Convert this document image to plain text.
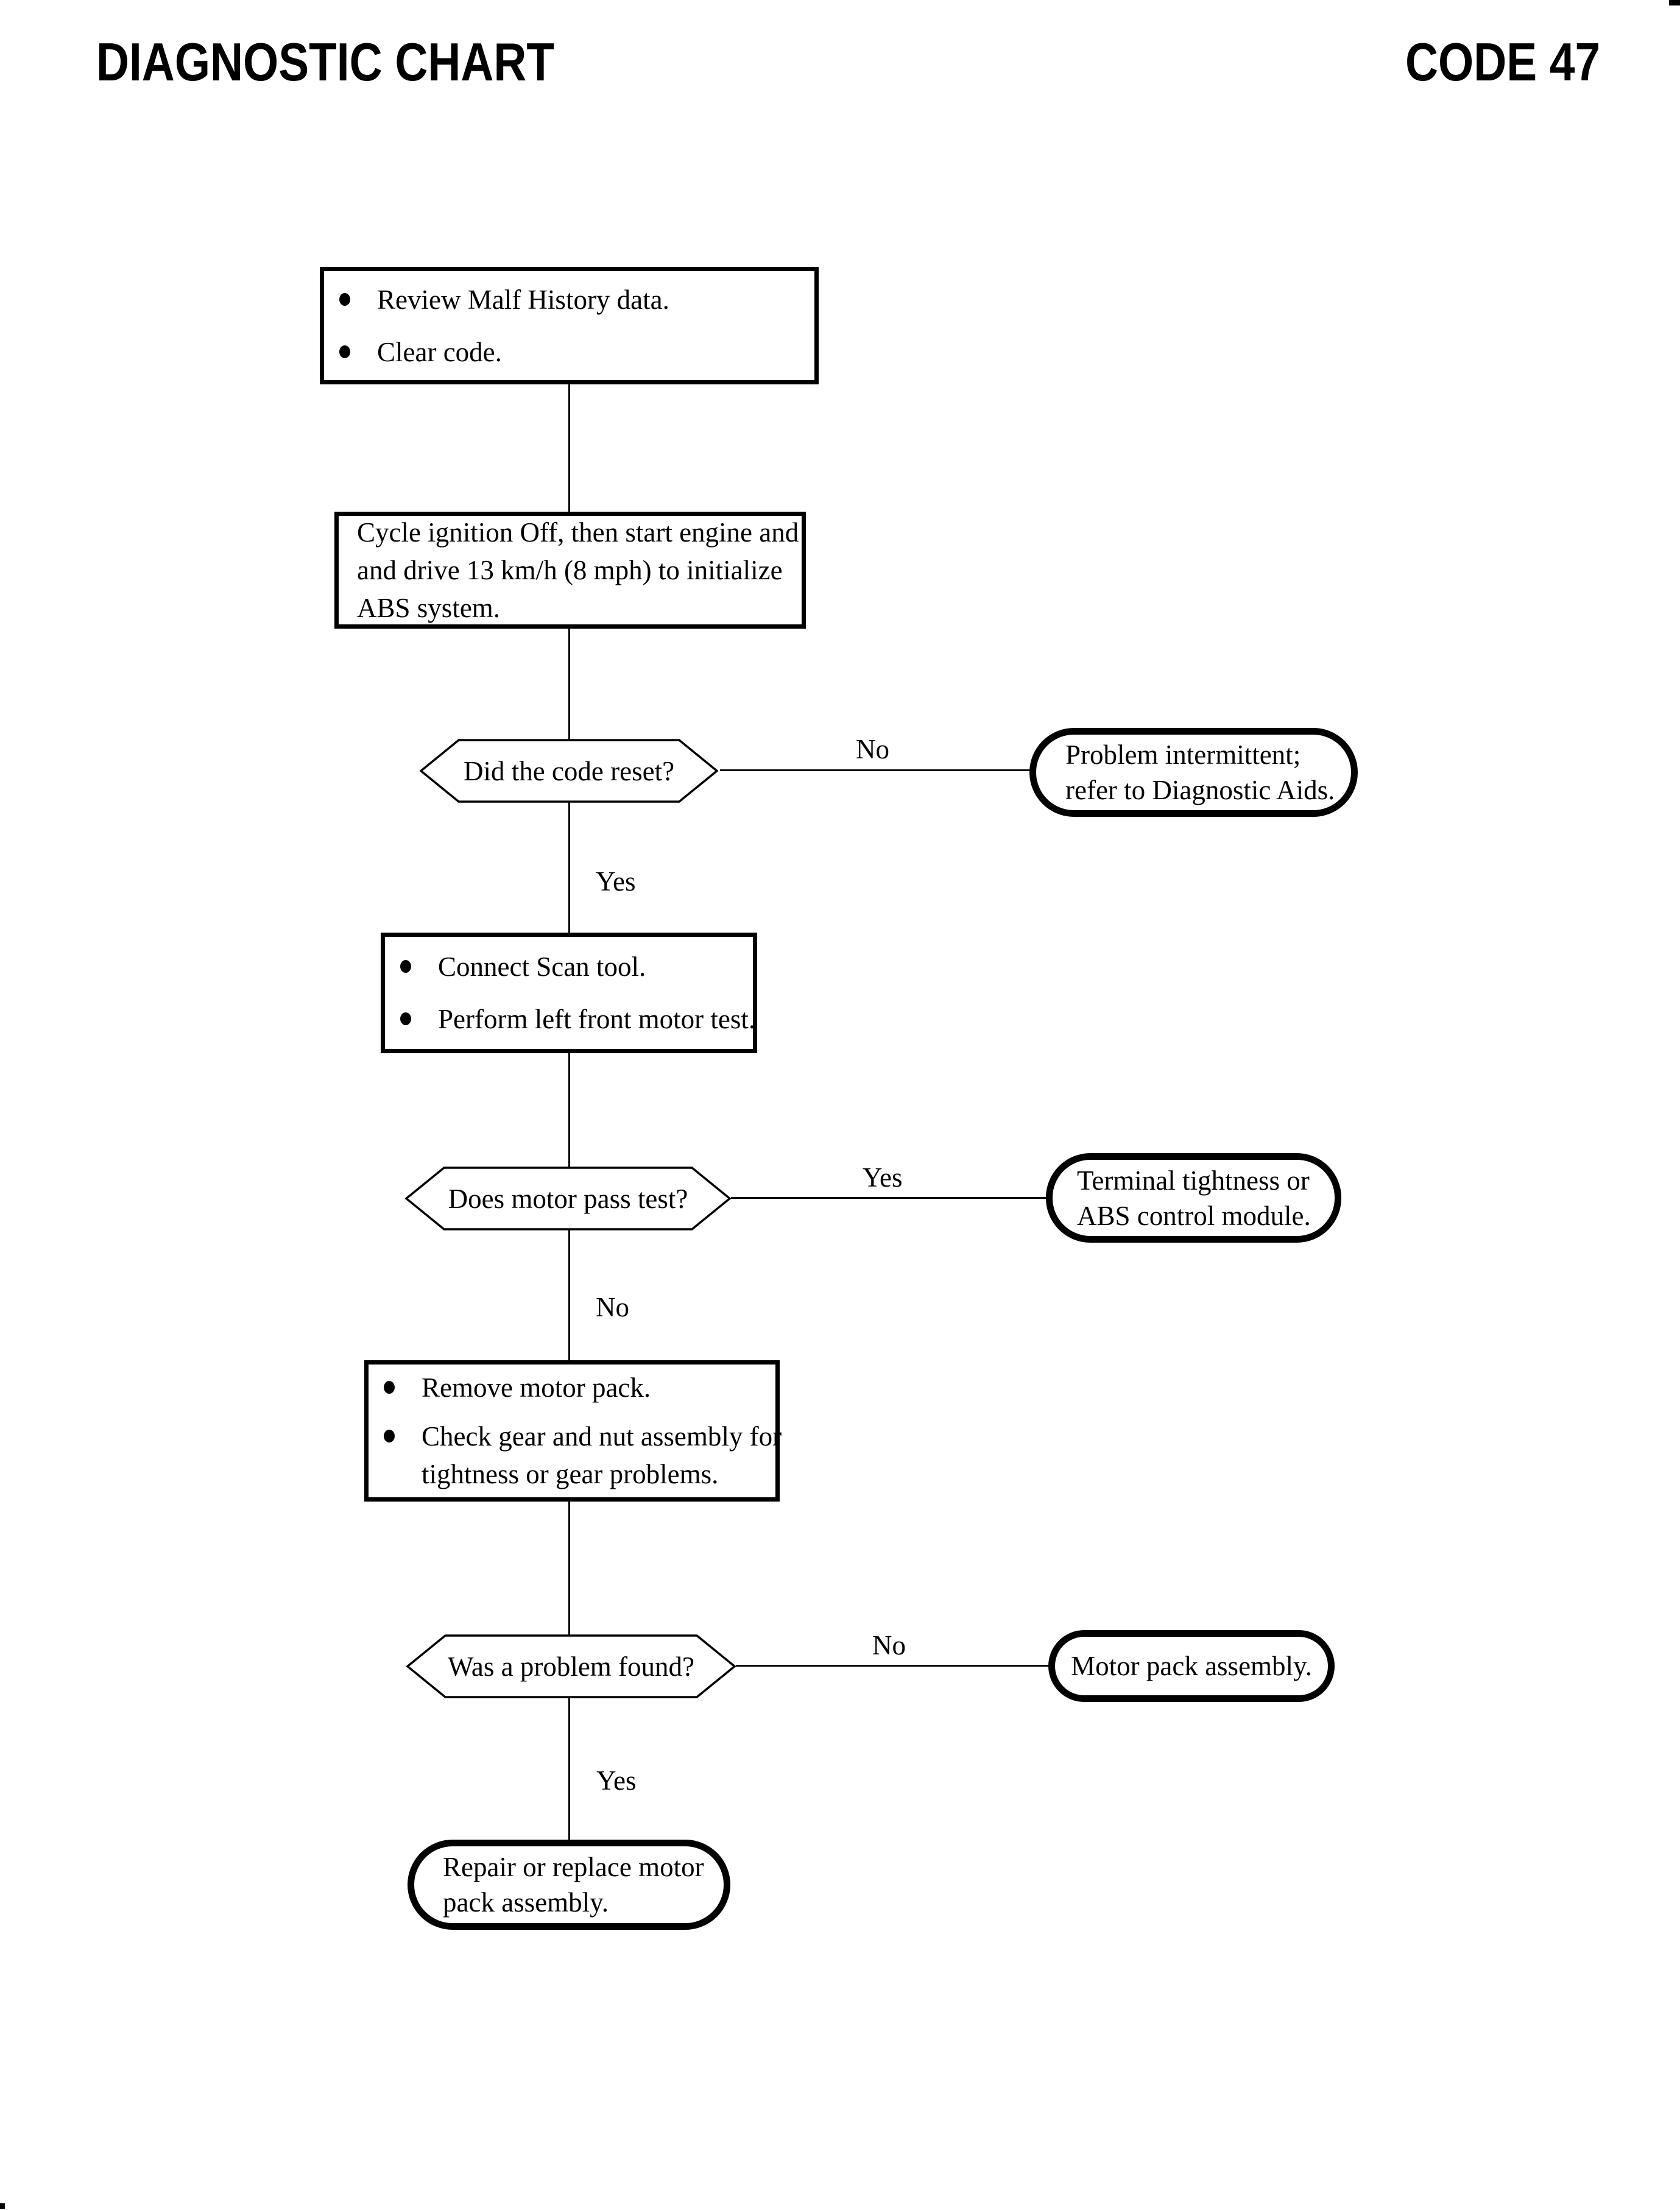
DIAGNOSTIC CHART	CODE 47
Review Malf History data.
Clear code.
Cycle ignition Off, then start engine and
and drive 13 km/h (8 mph) to initialize
ABS system.
Did the code reset?
No
Yes
Problem intermittent;
refer to Diagnostic Aids.
Connect Scan tool.
Perform left front motor test.
Does motor pass test?
Yes
No
Terminal tightness or
ABS control module.
Remove motor pack.
Check gear and nut assembly for
tightness or gear problems.
Was a problem found?
No
Yes
Motor pack assembly.
Repair or replace motor
pack assembly.
